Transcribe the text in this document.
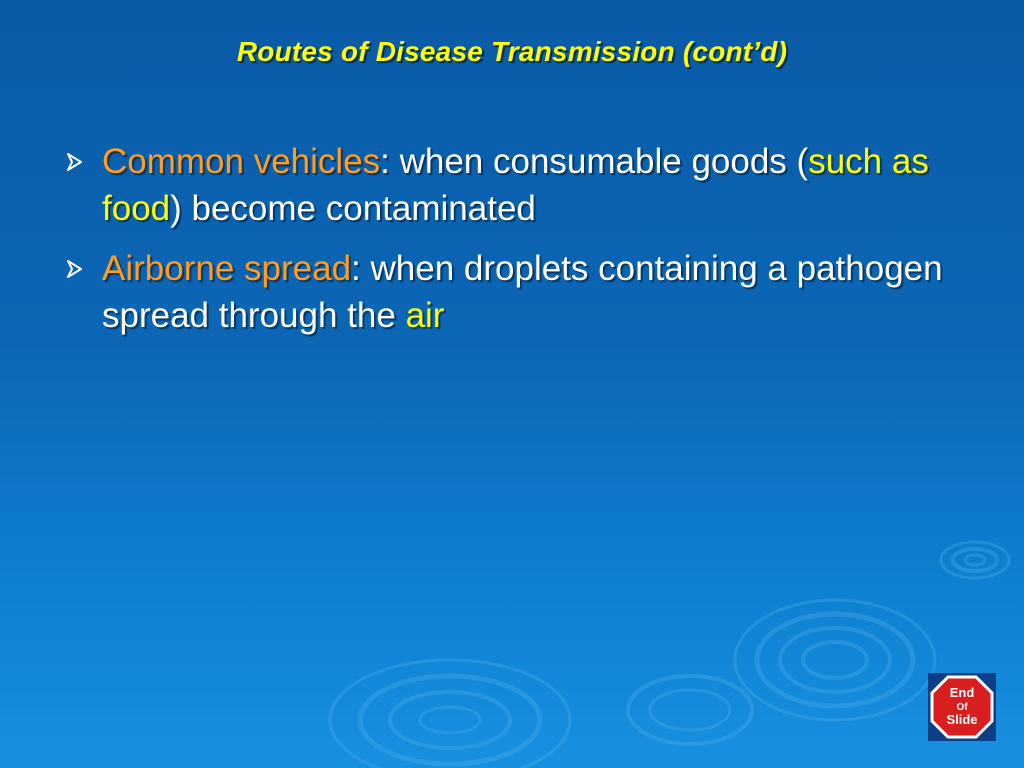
Routes of Disease Transmission (cont’d)
Common vehicles: when consumable goods (such as food) become contaminated
Airborne spread: when droplets containing a pathogen spread through the air
End
Of
Slide
